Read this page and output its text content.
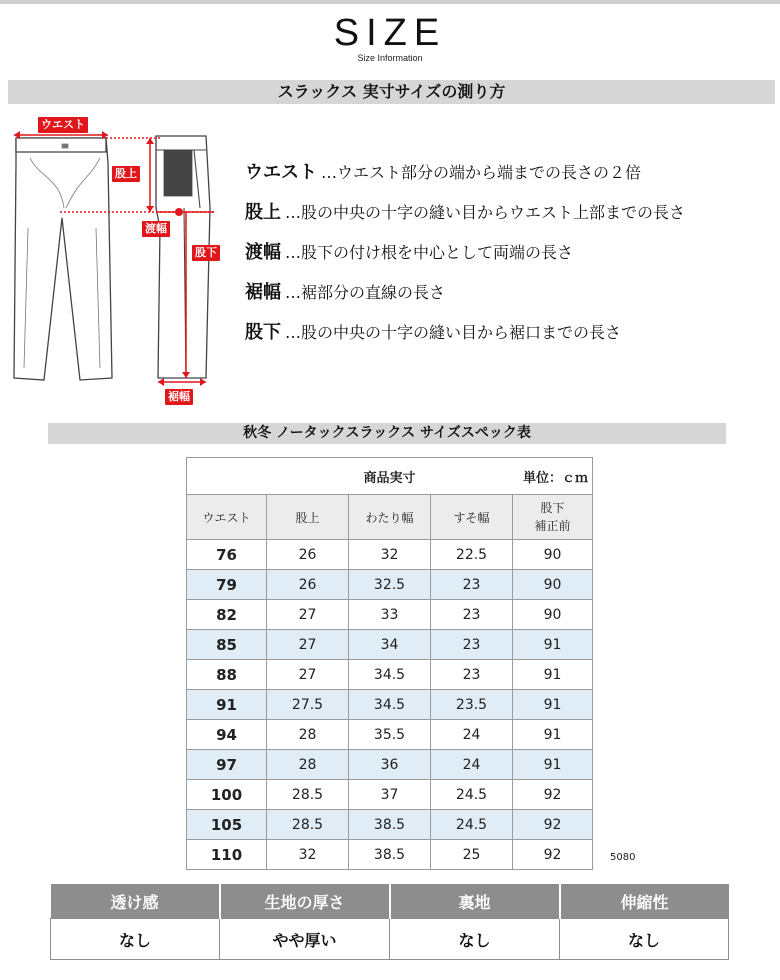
SIZE
Size Information
スラックス 実寸サイズの測り方
ウエスト
股上
渡幅
股下
裾幅
ウエスト …ウエスト部分の端から端までの長さの２倍
股上 …股の中央の十字の縫い目からウエスト上部までの長さ
渡幅 …股下の付け根を中心として両端の長さ
裾幅 …裾部分の直線の長さ
股下 …股の中央の十字の縫い目から裾口までの長さ
秋冬 ノータックスラックス サイズスペック表
商品実寸 単位：ｃｍ				

ウエスト	股上	わたり幅	すそ幅	股下
補正前
76	26	32	22.5	90
79	26	32.5	23	90
82	27	33	23	90
85	27	34	23	91
88	27	34.5	23	91
91	27.5	34.5	23.5	91
94	28	35.5	24	91
97	28	36	24	91
100	28.5	37	24.5	92
105	28.5	38.5	24.5	92
110	32	38.5	25	92	5080
透け感	生地の厚さ	裏地	伸縮性
なし	やや厚い	なし	なし
